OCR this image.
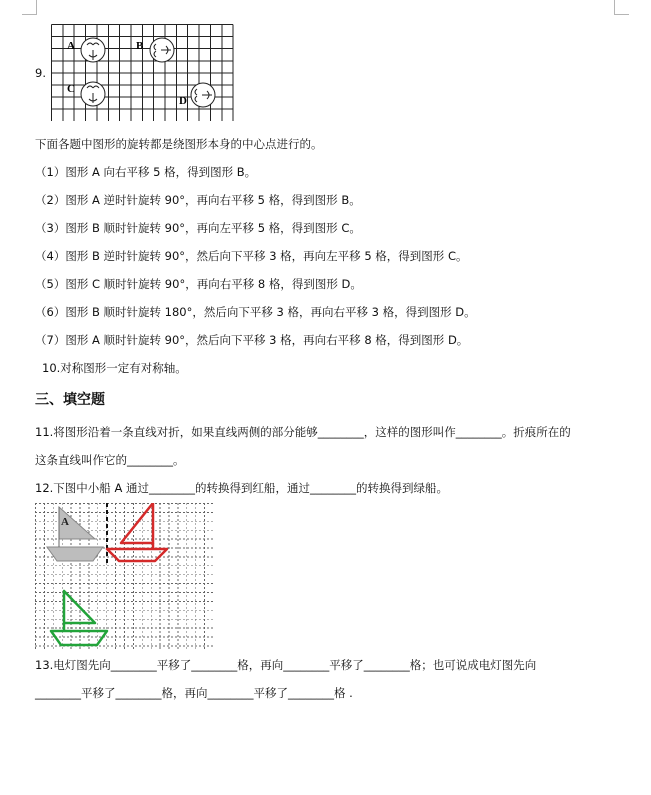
9.
A	B
C
D
下面各题中图形的旋转都是绕图形本身的中心点进行的。
（1）图形 A 向右平移 5 格，得到图形 B。
（2）图形 A 逆时针旋转 90°，再向右平移 5 格，得到图形 B。
（3）图形 B 顺时针旋转 90°，再向左平移 5 格，得到图形 C。
（4）图形 B 逆时针旋转 90°，然后向下平移 3 格，再向左平移 5 格，得到图形 C。
（5）图形 C 顺时针旋转 90°，再向右平移 8 格，得到图形 D。
（6）图形 B 顺时针旋转 180°，然后向下平移 3 格，再向右平移 3 格，得到图形 D。
（7）图形 A 顺时针旋转 90°，然后向下平移 3 格，再向右平移 8 格，得到图形 D。
10.对称图形一定有对称轴。
三、填空题
11.将图形沿着一条直线对折，如果直线两侧的部分能够________，这样的图形叫作________。折痕所在的
这条直线叫作它的________。
12.下图中小船 A 通过________的转换得到红船，通过________的转换得到绿船。
A
13.电灯图先向________平移了________格，再向________平移了________格；也可说成电灯图先向
________平移了________格，再向________平移了________格 .
